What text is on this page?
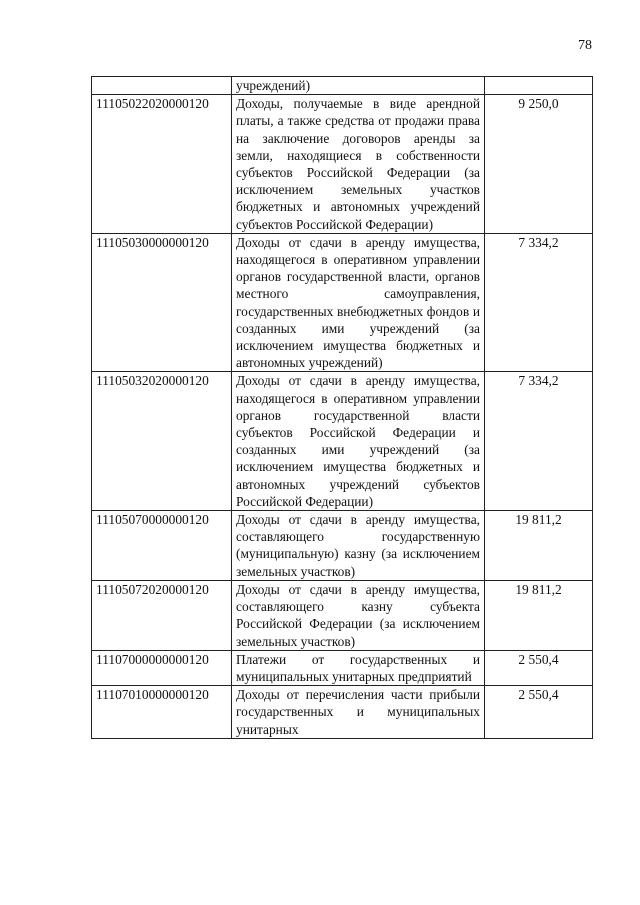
78
	учреждений)	
11105022020000120	Доходы, получаемые в виде арендной платы, а также средства от продажи права на заключение договоров аренды за земли, находящиеся в собственности субъектов Российской Федерации (за исключением земельных участков бюджетных и автономных учреждений субъектов Российской Федерации)	9 250,0
11105030000000120	Доходы от сдачи в аренду имущества, находящегося в оперативном управлении органов государственной власти, органов местного самоуправления, государственных внебюджетных фондов и созданных ими учреждений (за исключением имущества бюджетных и автономных учреждений)	7 334,2
11105032020000120	Доходы от сдачи в аренду имущества, находящегося в оперативном управлении органов государственной власти субъектов Российской Федерации и созданных ими учреждений (за исключением имущества бюджетных и автономных учреждений субъектов Российской Федерации)	7 334,2
11105070000000120	Доходы от сдачи в аренду имущества, составляющего государственную (муниципальную) казну (за исключением земельных участков)	19 811,2
11105072020000120	Доходы от сдачи в аренду имущества, составляющего казну субъекта Российской Федерации (за исключением земельных участков)	19 811,2
11107000000000120	Платежи от государственных и муниципальных унитарных предприятий	2 550,4
11107010000000120	Доходы от перечисления части прибыли государственных и муниципальных унитарных	2 550,4
